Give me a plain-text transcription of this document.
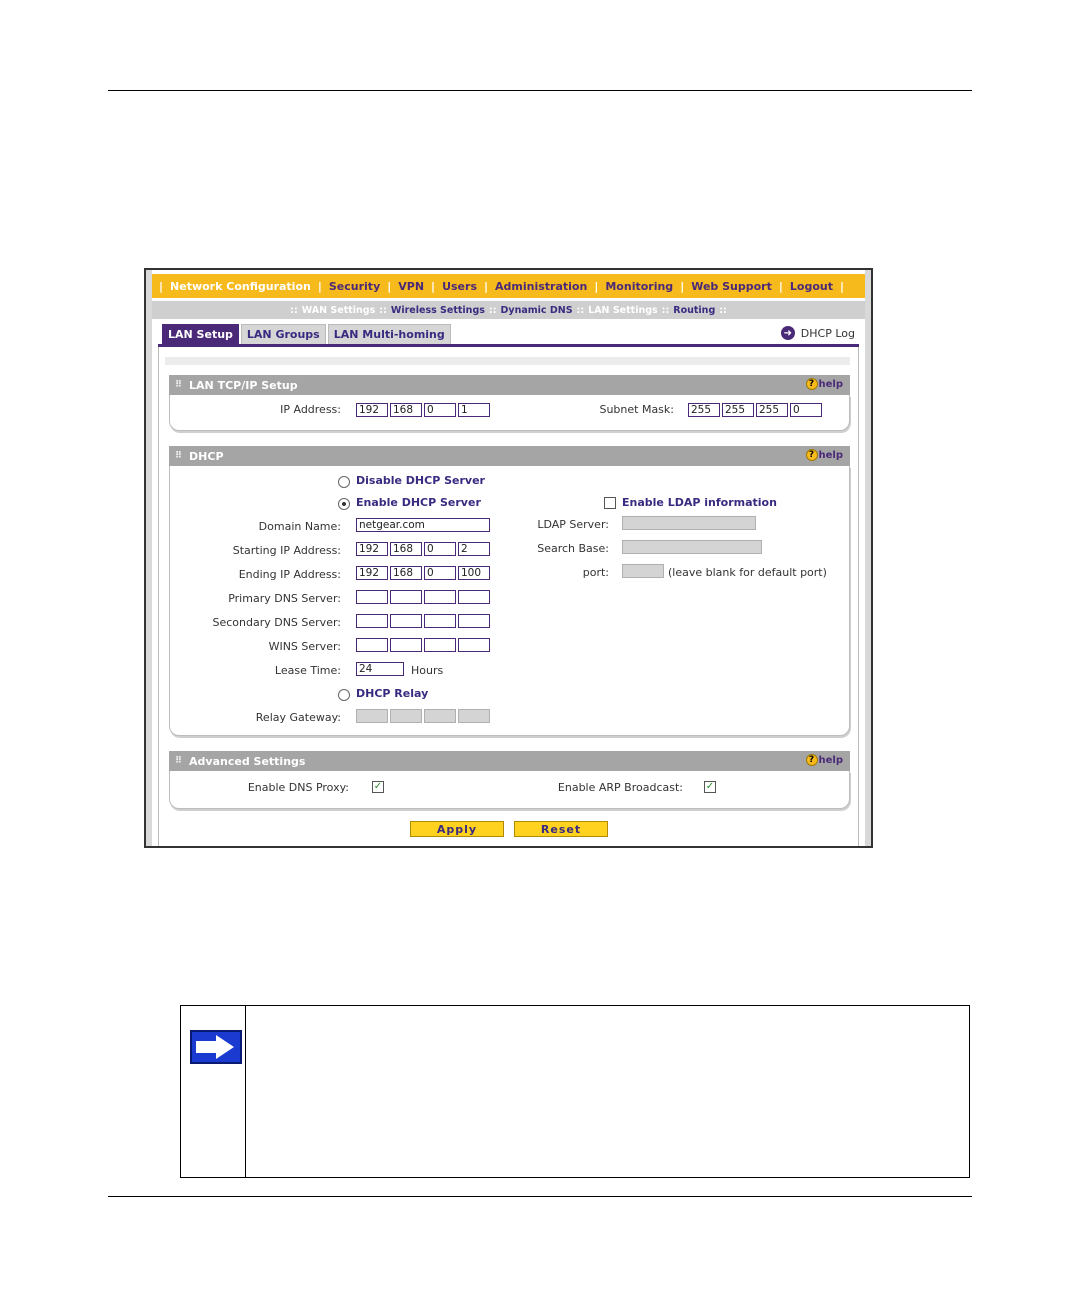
| Network Configuration | Security | VPN | Users | Administration | Monitoring | Web Support | Logout |
:: WAN Settings :: Wireless Settings :: Dynamic DNS :: LAN Settings :: Routing ::
LAN Setup	LAN Groups	LAN Multi-homing	➜ DHCP Log
⠿ LAN TCP/IP Setup	? help
IP Address: 192	168	0	1	Subnet Mask: 255	255	255	0
⠿ DHCP	? help
Disable DHCP Server
Enable DHCP Server
Domain Name: netgear.com
Starting IP Address: 192	168	0	2
Ending IP Address: 192	168	0	100
Primary DNS Server:
Secondary DNS Server:
WINS Server:
Lease Time: 24	Hours
DHCP Relay
Relay Gateway:
Enable LDAP information
LDAP Server:
Search Base:
port:	(leave blank for default port)
⠿ Advanced Settings	? help
Enable DNS Proxy: ✓	Enable ARP Broadcast: ✓
Apply	Reset
